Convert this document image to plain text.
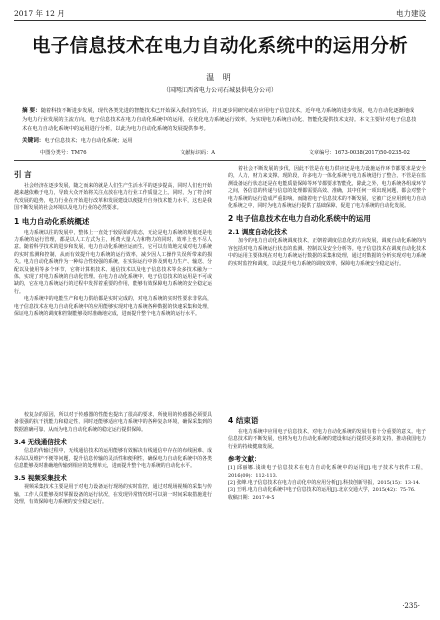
2017 年 12 月	电力建设
电子信息技术在电力自动化系统中的运用分析
温 明
（国网江西省电力公司石城县供电分公司）
摘 要：随着科技不断进步发展，现代各类先进的智能技术已开始深入我们的生活，并且逐步同研究或在应用电子信息技术，近年电力系统的进步发展，电力自动化逐渐地成为电力行业发展的主流方向。电子信息技术在电力自动化系统中的运用，在优化电力系统运行效率，为实现电力系统自动化、智能化提供技术支持。本文主要针对电子信息技术在电力自动化系统中的运用进行分析，以此为电力自动化系统的发展提供参考。
关键词：电子信息技术；电力自动化系统；运用
中图分类号：TM76	文献标识码：A	文章编号：1673-0038(2017)50-0235-02
引 言

社会经济在逐步发展，随之而来的就是人们生产生活水平的逐步提高，同时人们也开始越来越依赖于电力，导致大众开始将关注点放在电力行业工作质量之上。同时，为了符合时代发展的趋势，电力行业在开始进行改革和发展建设以便提升自身技术能力水平，这也是我国不断发展的社会环境以及电力行业的必然要求。

1 电力自动化系统概述

电力系统以往的发展中，整体上一直处于较原始的状态，无论是电力系统的规划还是电力系统的运行管理，都是以人工方式为主，耗费大量人力和物力的同时，效率上也不尽人意。随着科学技术的进步和发展，电力自动化系统应运而生，它可以有效地完成对电力系统的实时监测和控制，从而有效提升电力系统的运行效率，减少因人工操作失误所带来的损失。电力自动化系统作为一种综合性较强的系统，在实际运行中涉及到电力生产、输送、分配以及使用等多个环节，它将计算机技术、通信技术以及电子信息技术等众多技术融为一体，实现了对电力系统的自动化管理。在电力自动化系统中，电子信息技术的运用是不可或缺的，它在电力系统运行的过程中发挥着重要的作用，能够有效保障电力系统的安全稳定运行。

电力系统中的电能生产和电力供给都是实时完成的，对电力系统的实时性要求非常高，电子信息技术在电力自动化系统中的应用能够实现对电力系统各种数据的快速采集和处理，保证电力系统的调度和控制能够及时准确地完成，进而提升整个电力系统的运行水平。

着社会不断发展的步伐，因此不管是在电力供应还是电力设施运作环节都要求是安全的，人力，财力来支撑。现阶段，许多电力一体化系统与电力系统进行了整合，不管是在监测设备运行状态还是在电能质量保障等环节都要求智能化，除此之外，电力系统各组成环节之间，各信息的传递与信息的处理都需要高效、准确，其中任何一项出现问题，都会对整个电力系统的运行造成严重影响。而随着电子信息技术的不断发展，它被广泛应用到电力自动化系统之中，同时为电力系统运行提供了基础保障，促进了电力系统的自动化发展。

2 电子信息技术在电力自动化系统中的运用
2.1 调度自动化技术

加今的电力自动化系统调度技术，正朝着调度信息化的方向发展，调度自动化系统的内容包括对电力系统运行状态的监测、控制以及安全分析等。电子信息技术在调度自动化技术中的运用主要体现在对电力系统运行数据的采集和处理，通过对数据的分析实现对电力系统的实时监控和调度，以此提升电力系统的调度效率，保障电力系统安全稳定运行。

校复杂的原因，所以对于传感器的性能也提出了很高的要求，所使用的传感器必须要具备很强的抗干扰能力和稳定性，同时还能够适应电力系统中的各种复杂环境，确保采集到的数据准确可靠，从而为电力自动化系统的稳定运行提供保障。

3.4 无线通信技术

信息的传输过程中，无线通信技术的运用能够有效解决有线通信中存在的布线困难、成本高以及维护不便等问题，提升信息传输的灵活性和便利性，确保电力自动化系统中的各类信息能够及时准确地传输到相应的处理单元，进而提升整个电力系统的自动化水平。

3.5 视频采集技术

视频采集技术主要是用于对电力设备运行现场的实时监控，通过对现场视频的采集与传输，工作人员能够及时掌握设备的运行状况，在发现异常情况时可以第一时间采取措施进行处理，有效保障电力系统的安全稳定运行。

4 结束语

在电力系统中应用电子信息技术，对电力自动化系统的发展有着十分重要的意义。电子信息技术的不断发展，也将为电力自动化系统的建设和运行提供更多的支持，推动我国电力行业的持续健康发展。

参考文献：

[1] 邱丽娜.浅谈电子信息技术在电力自动化系统中的运用[J].电子技术与软件工程，2016(09)：112-113.

[2] 张峰.电子信息技术在电力自动化中的应用分析[J].科技创新导报，2015(15)：13-14.

[3] 王明.电力自动化系统中电子信息技术的运用[J].北京交通大学，2015(42)：75-76.

收稿日期：2017-9-5

·235·
